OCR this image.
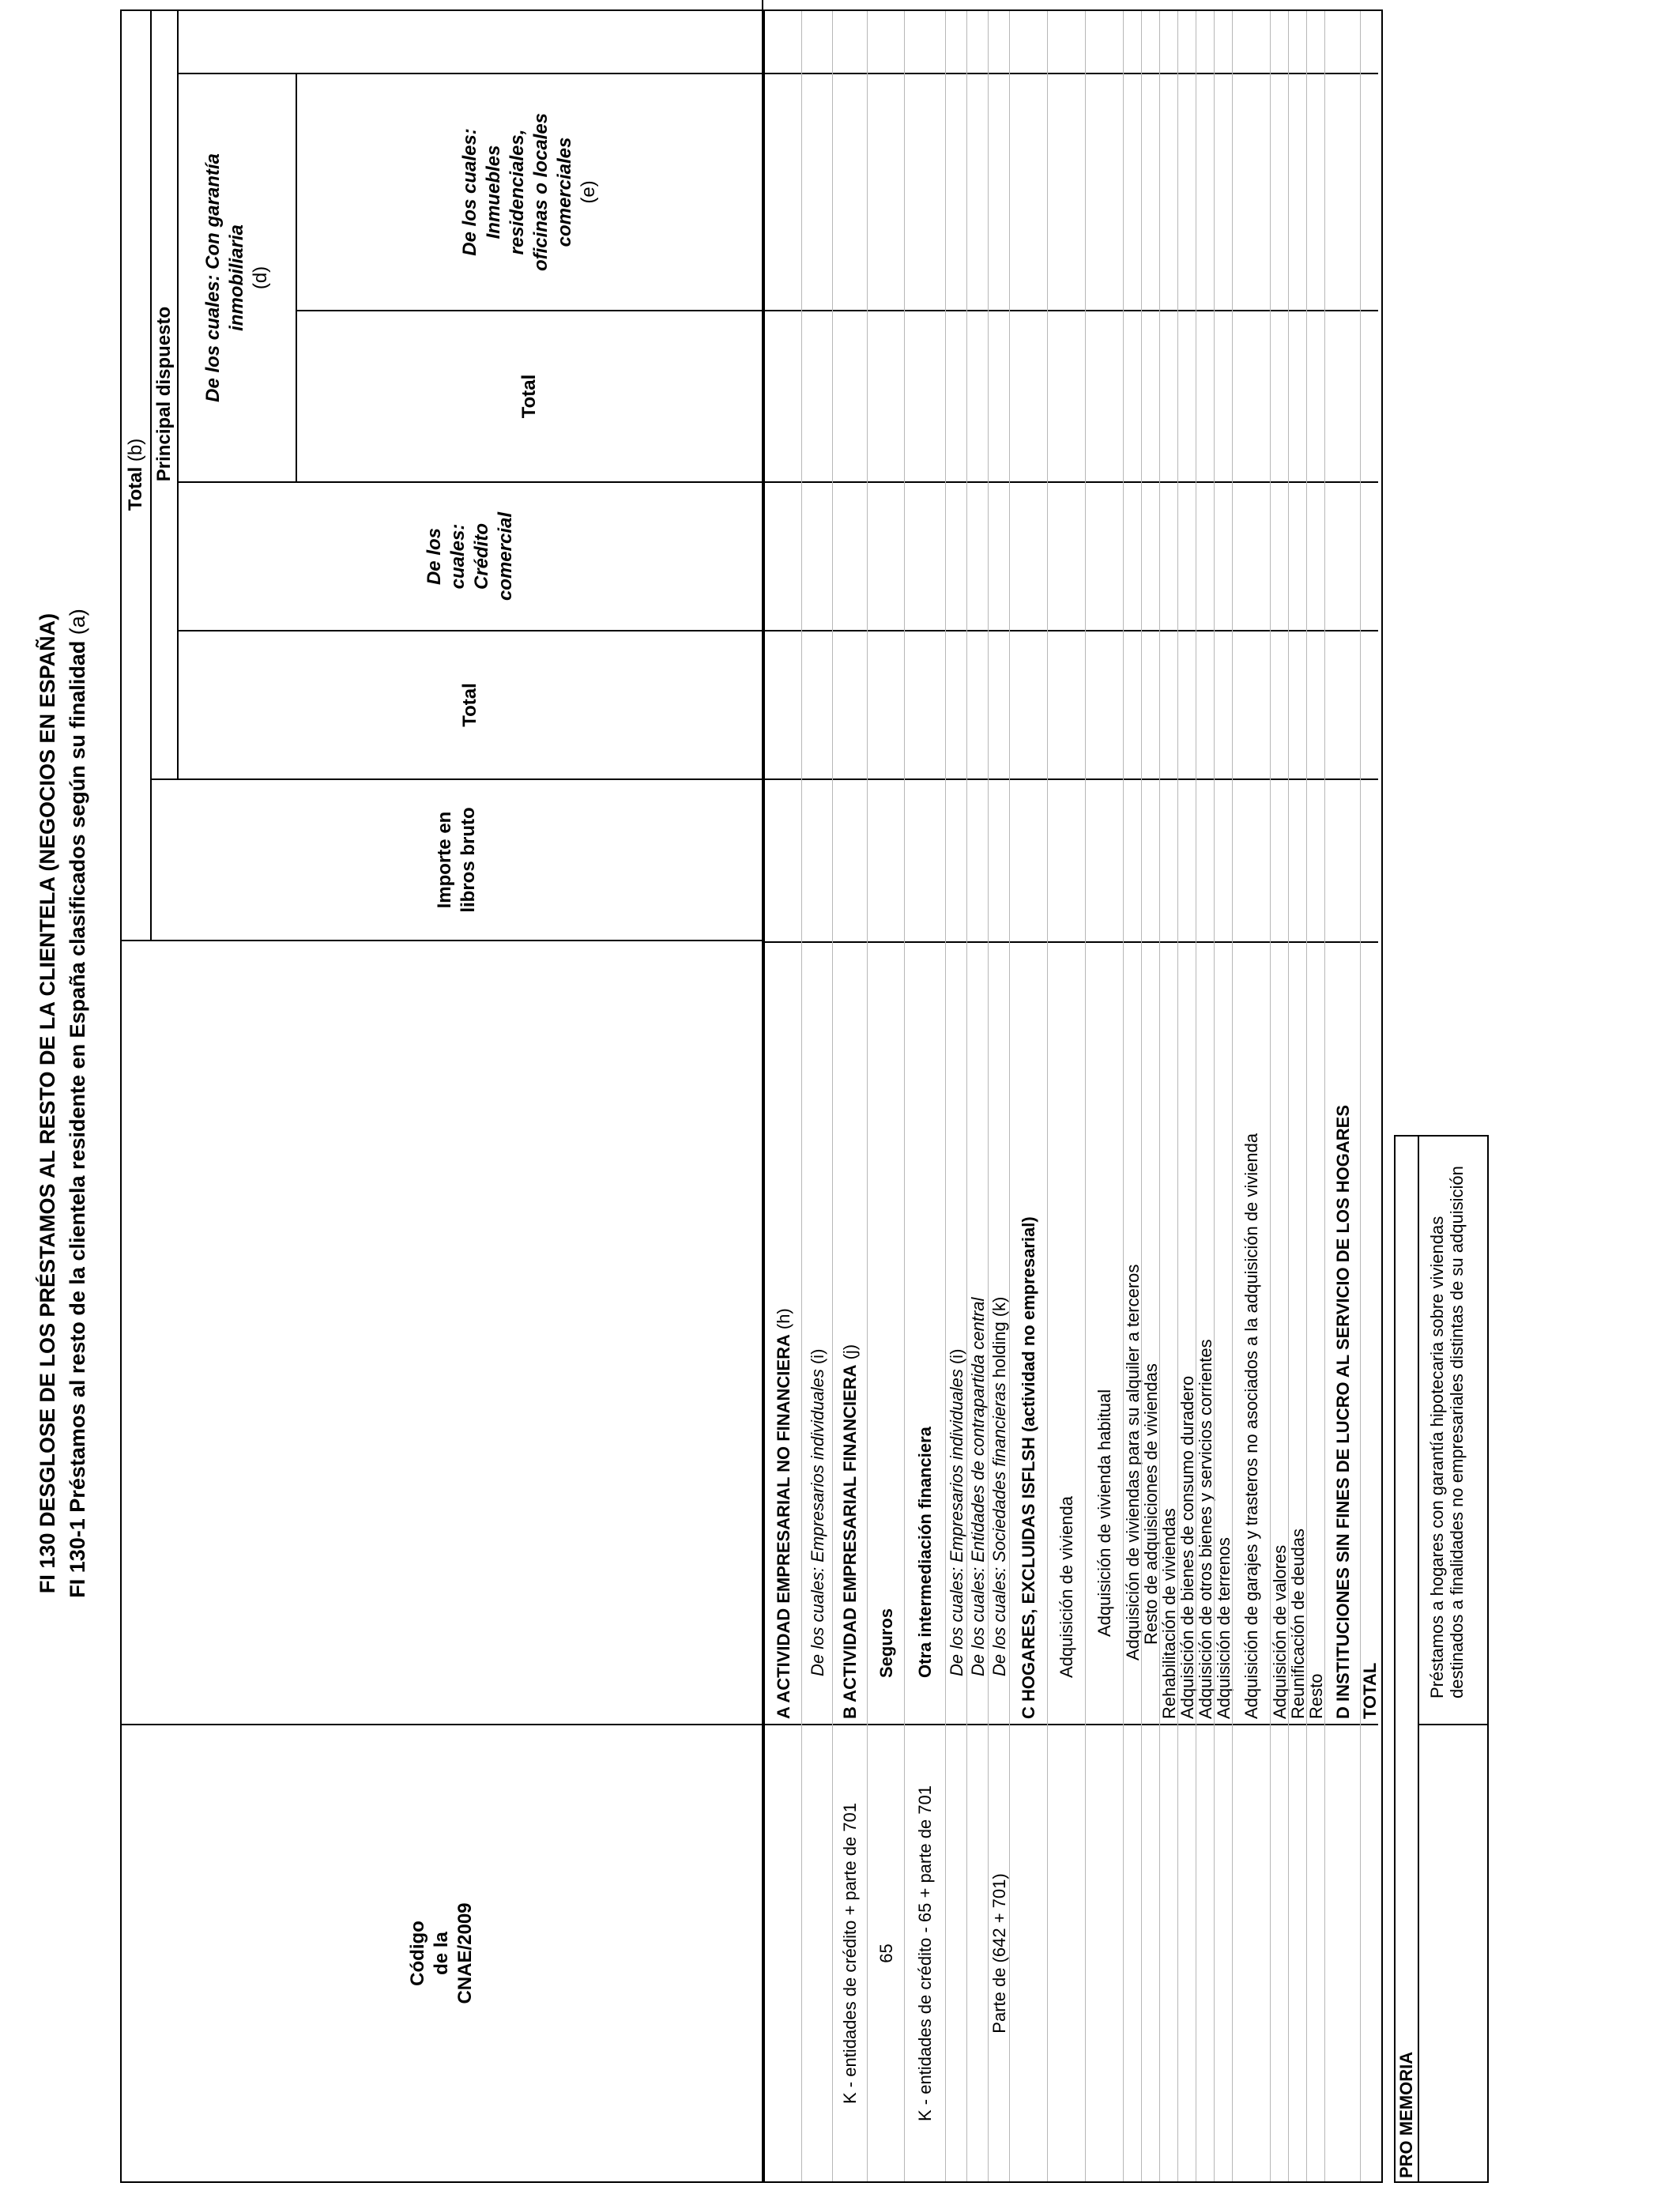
FI 130 DESGLOSE DE LOS PRÉSTAMOS AL RESTO DE LA CLIENTELA (NEGOCIOS EN ESPAÑA) FI 130-1 Préstamos al resto de la clientela residente en España clasificados según su finalidad (a)
Código
de la
CNAE/2009
Total

(b)
Importe en
libros bruto
Principal dispuesto
Total
De los
cuales:
Crédito
comercial
De los cuales: Con garantía
inmobiliaria (d)
Total
De los cuales:
Inmuebles
residenciales,
oficinas o locales
comerciales (e)
A ACTIVIDAD EMPRESARIAL NO FINANCIERA
(h)
De los cuales: Empresarios individuales
(i)
K - entidades de crédito + parte de 701
B ACTIVIDAD EMPRESARIAL FINANCIERA
(j)
65
Seguros
K - entidades de crédito - 65 + parte de 701
Otra intermediación financiera De los cuales: Empresarios individuales
(i) De los cuales: Entidades de contrapartida central
Parte de (642 + 701)
De los cuales: Sociedades financieras
holding
(k) C HOGARES, EXCLUIDAS ISFLSH (actividad no empresarial) Adquisición de vivienda Adquisición de vivienda habitual Adquisición de viviendas para su alquiler a terceros
Resto de adquisiciones de viviendas
Rehabilitación de viviendas
Adquisición de bienes de consumo duradero
Adquisición de otros bienes y servicios corrientes
Adquisición de terrenos Adquisición de garajes y trasteros no asociados a la adquisición de vivienda Adquisición de valores
Reunificación de deudas
Resto D INSTITUCIONES SIN FINES DE LUCRO AL SERVICIO DE LOS HOGARES TOTAL
PRO MEMORIA
Préstamos a hogares con garantía hipotecaria sobre viviendas destinados a finalidades no empresariales distintas de su adquisición
